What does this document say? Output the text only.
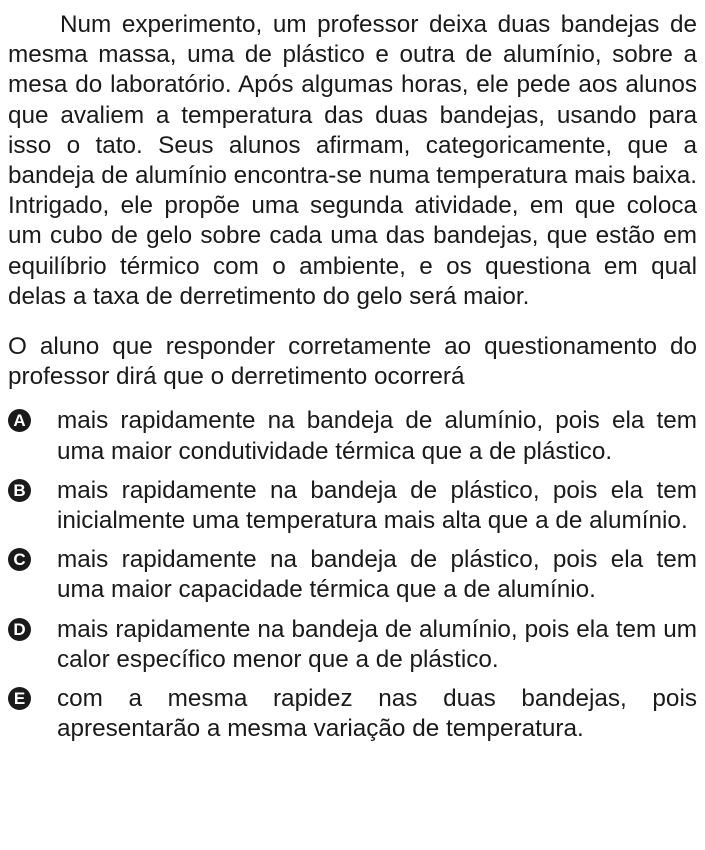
Num experimento, um professor deixa duas bandejas de mesma massa, uma de plástico e outra de alumínio, sobre a mesa do laboratório. Após algumas horas, ele pede aos alunos que avaliem a temperatura das duas bandejas, usando para isso o tato. Seus alunos afirmam, categoricamente, que a bandeja de alumínio encontra-se numa temperatura mais baixa. Intrigado, ele propõe uma segunda atividade, em que coloca um cubo de gelo sobre cada uma das bandejas, que estão em equilíbrio térmico com o ambiente, e os questiona em qual delas a taxa de derretimento do gelo será maior.

O aluno que responder corretamente ao questionamento do professor dirá que o derretimento ocorrerá

A mais rapidamente na bandeja de alumínio, pois ela tem uma maior condutividade térmica que a de plástico.
B mais rapidamente na bandeja de plástico, pois ela tem inicialmente uma temperatura mais alta que a de alumínio.
C mais rapidamente na bandeja de plástico, pois ela tem uma maior capacidade térmica que a de alumínio.
D mais rapidamente na bandeja de alumínio, pois ela tem um calor específico menor que a de plástico.
E com a mesma rapidez nas duas bandejas, pois apresentarão a mesma variação de temperatura.
